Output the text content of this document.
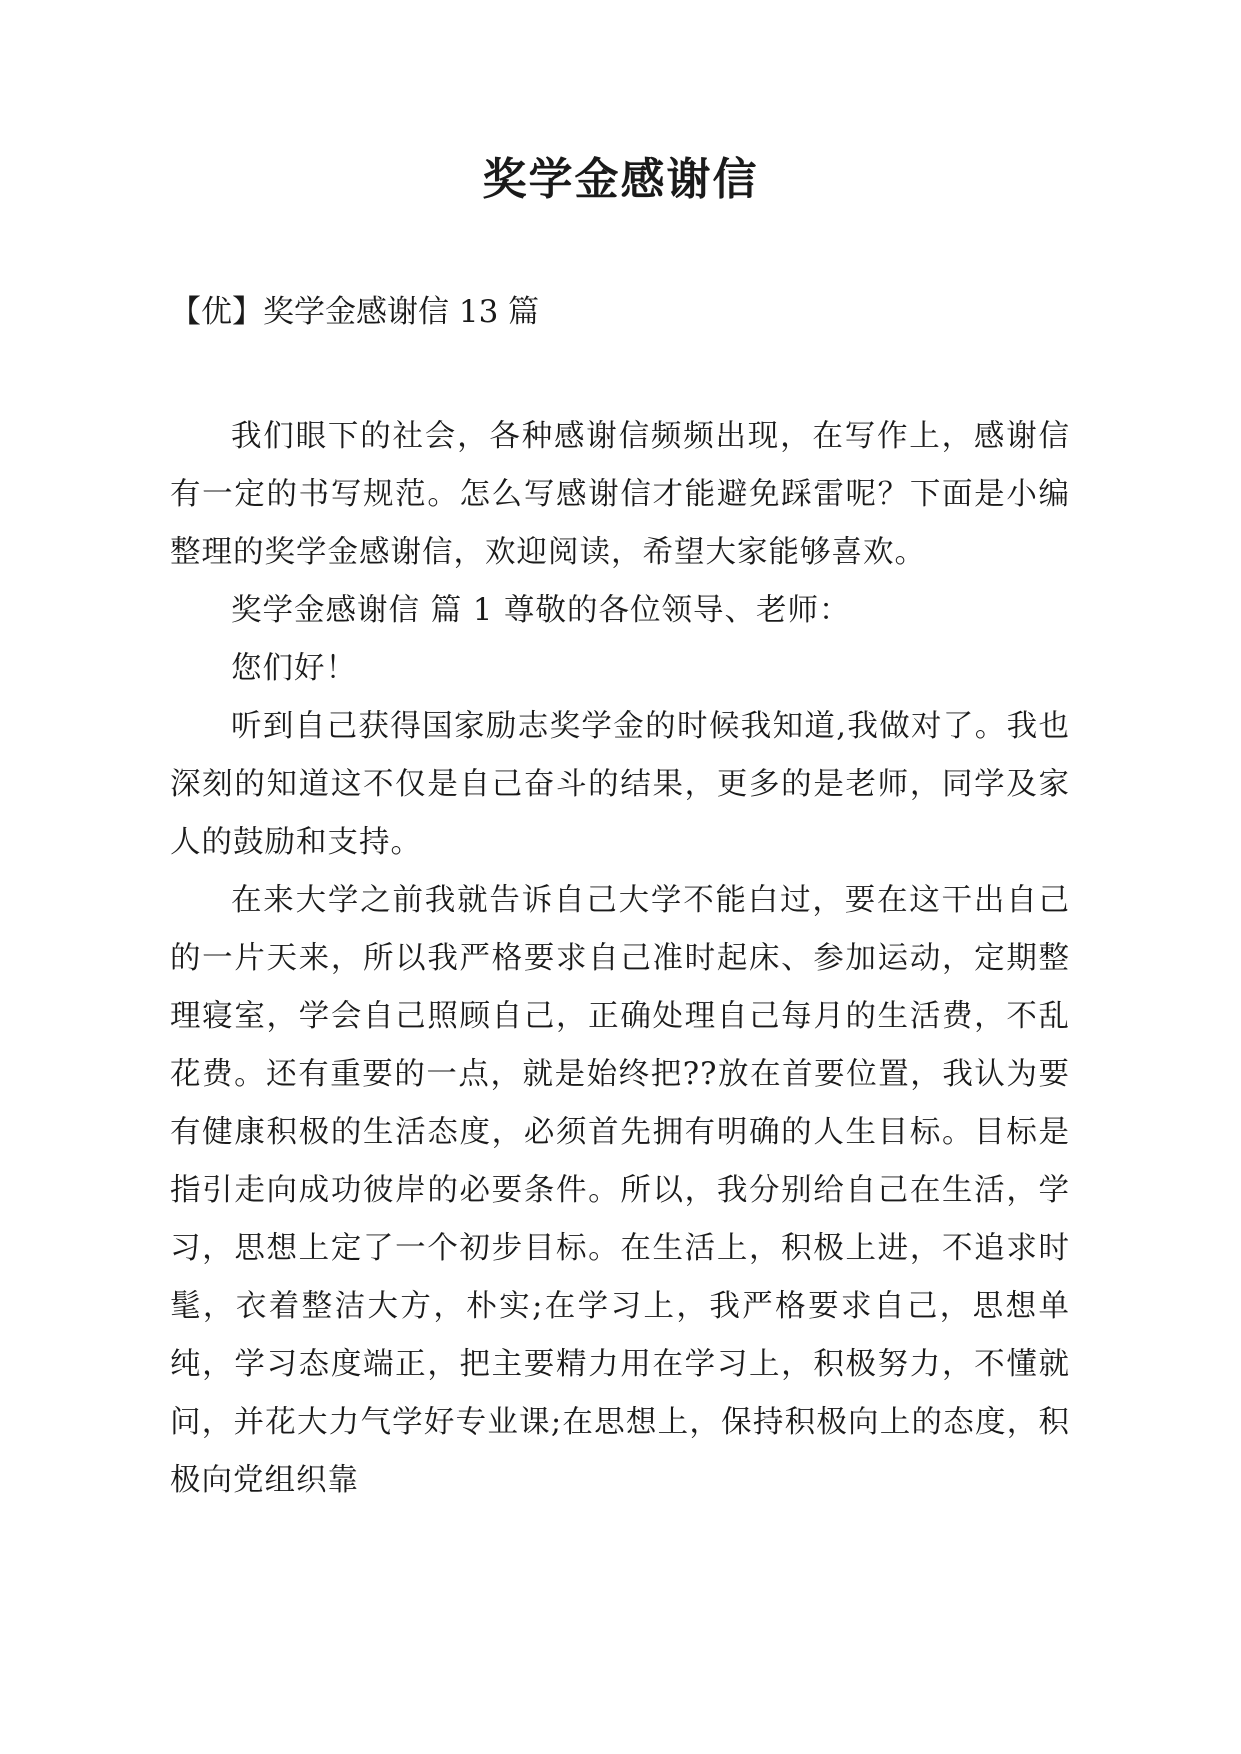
奖学金感谢信

【优】奖学金感谢信 13 篇

我们眼下的社会，各种感谢信频频出现，在写作上，感谢信有一定的书写规范。怎么写感谢信才能避免踩雷呢？下面是小编整理的奖学金感谢信，欢迎阅读，希望大家能够喜欢。

奖学金感谢信 篇 1 尊敬的各位领导、老师：

您们好！

听到自己获得国家励志奖学金的时候我知道,我做对了。我也深刻的知道这不仅是自己奋斗的结果，更多的是老师，同学及家人的鼓励和支持。

在来大学之前我就告诉自己大学不能白过，要在这干出自己的一片天来，所以我严格要求自己准时起床、参加运动，定期整理寝室，学会自己照顾自己，正确处理自己每月的生活费，不乱花费。还有重要的一点，就是始终把??放在首要位置，我认为要有健康积极的生活态度，必须首先拥有明确的人生目标。目标是指引走向成功彼岸的必要条件。所以，我分别给自己在生活，学习，思想上定了一个初步目标。在生活上，积极上进，不追求时髦，衣着整洁大方，朴实;在学习上，我严格要求自己，思想单纯，学习态度端正，把主要精力用在学习上，积极努力，不懂就问，并花大力气学好专业课;在思想上，保持积极向上的态度，积极向党组织靠
